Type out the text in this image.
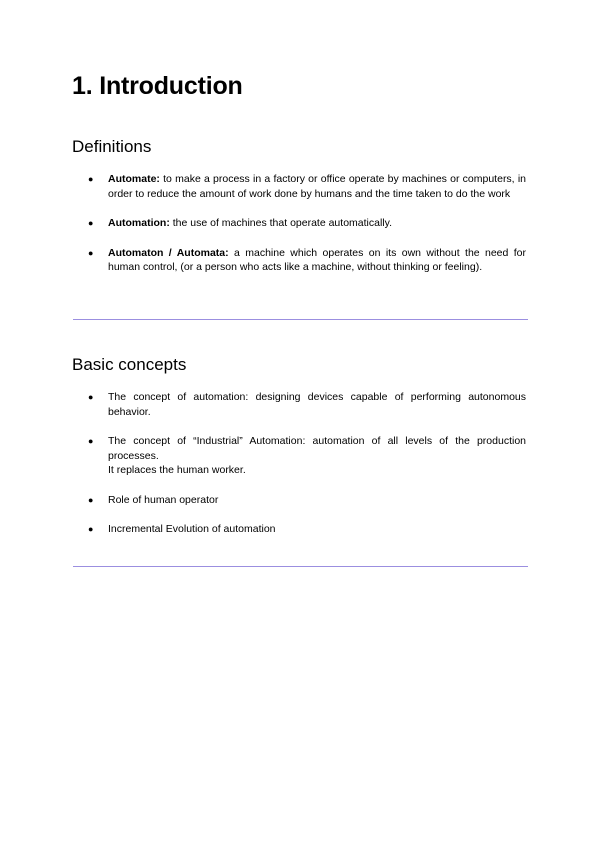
1. Introduction
Definitions
● Automate: to make a process in a factory or office operate by machines or computers, in order to reduce the amount of work done by humans and the time taken to do the work
● Automation: the use of machines that operate automatically.
● Automaton / Automata: a machine which operates on its own without the need for human control, (or a person who acts like a machine, without thinking or feeling).
Basic concepts
● The concept of automation: designing devices capable of performing autonomous behavior.
● The concept of “Industrial” Automation: automation of all levels of the production processes.
It replaces the human worker.
● Role of human operator
● Incremental Evolution of automation
